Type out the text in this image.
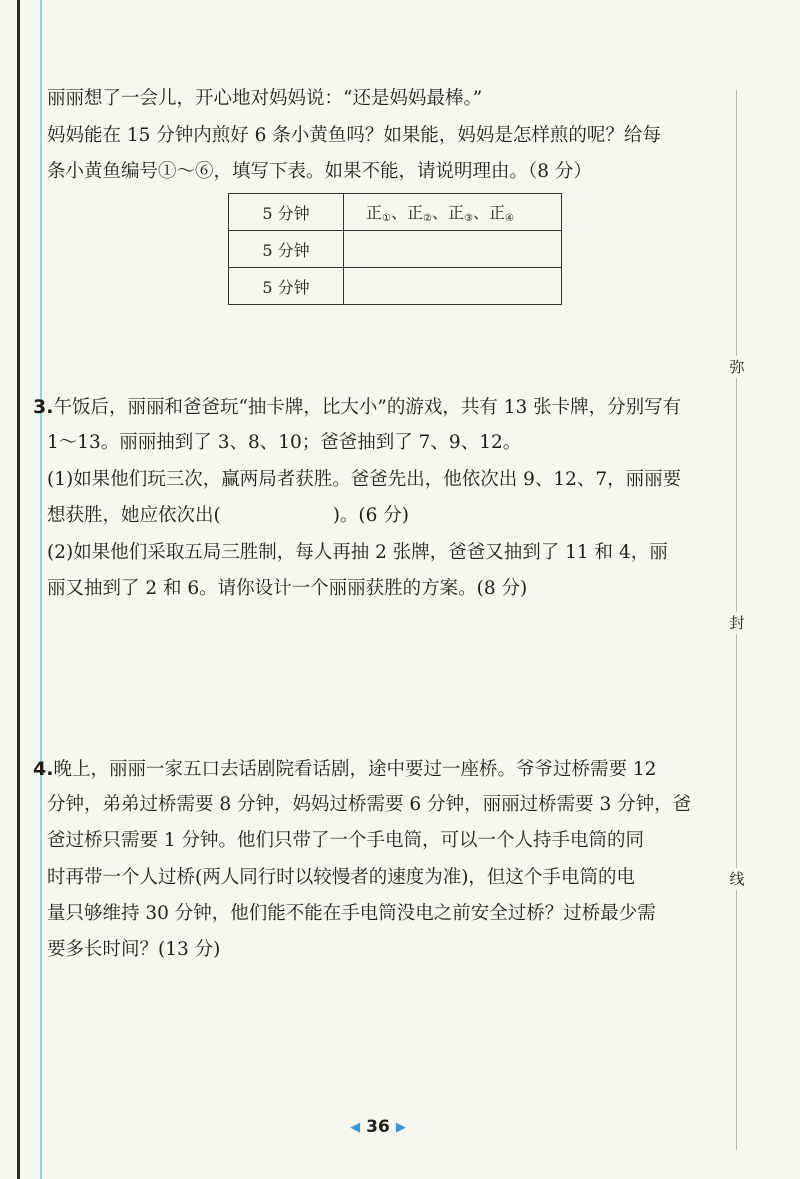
弥
封
线
丽丽想了一会儿，开心地对妈妈说：“还是妈妈最棒。”
妈妈能在 15 分钟内煎好 6 条小黄鱼吗？如果能，妈妈是怎样煎的呢？给每
条小黄鱼编号①～⑥，填写下表。如果不能，请说明理由。（8 分）
5 分钟	正①、正②、正③、正④
5 分钟	
5 分钟	
3.午饭后，丽丽和爸爸玩“抽卡牌，比大小”的游戏，共有 13 张卡牌，分别写有
1～13。丽丽抽到了 3、8、10；爸爸抽到了 7、9、12。
(1)如果他们玩三次，赢两局者获胜。爸爸先出，他依次出 9、12、7，丽丽要
想获胜，她应依次出(	)。(6 分)
(2)如果他们采取五局三胜制，每人再抽 2 张牌，爸爸又抽到了 11 和 4，丽
丽又抽到了 2 和 6。请你设计一个丽丽获胜的方案。(8 分)
4.晚上，丽丽一家五口去话剧院看话剧，途中要过一座桥。爷爷过桥需要 12
分钟，弟弟过桥需要 8 分钟，妈妈过桥需要 6 分钟，丽丽过桥需要 3 分钟，爸
爸过桥只需要 1 分钟。他们只带了一个手电筒，可以一个人持手电筒的同
时再带一个人过桥(两人同行时以较慢者的速度为准)，但这个手电筒的电
量只够维持 30 分钟，他们能不能在手电筒没电之前安全过桥？过桥最少需
要多长时间？(13 分)
◀ 36 ▶
